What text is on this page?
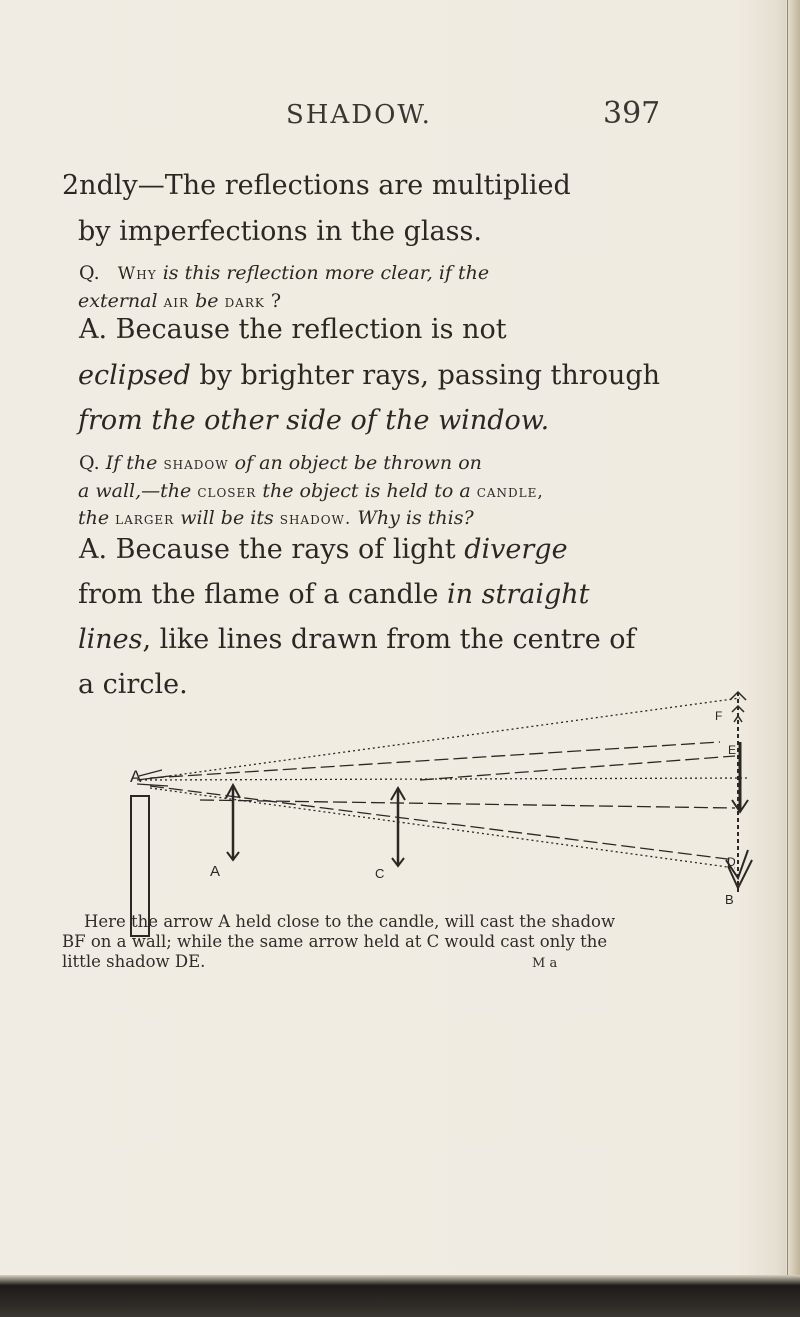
SHADOW.	397
2ndly—The reflections are multiplied
by imperfections in the glass.
Q. Why is this reflection more clear, if the
external air be dark ?
A. Because the reflection is not
eclipsed by brighter rays, passing through
from the other side of the window.
Q. If the shadow of an object be thrown on
a wall,—the closer the object is held to a candle,
the larger will be its shadow. Why is this?
A. Because the rays of light diverge
from the flame of a candle in straight
lines, like lines drawn from the centre of
a circle.
A
A	C
F
E
D
B
Here the arrow A held close to the candle, will cast the shadow
BF on a wall; while the same arrow held at C would cast only the
little shadow DE.	M a
